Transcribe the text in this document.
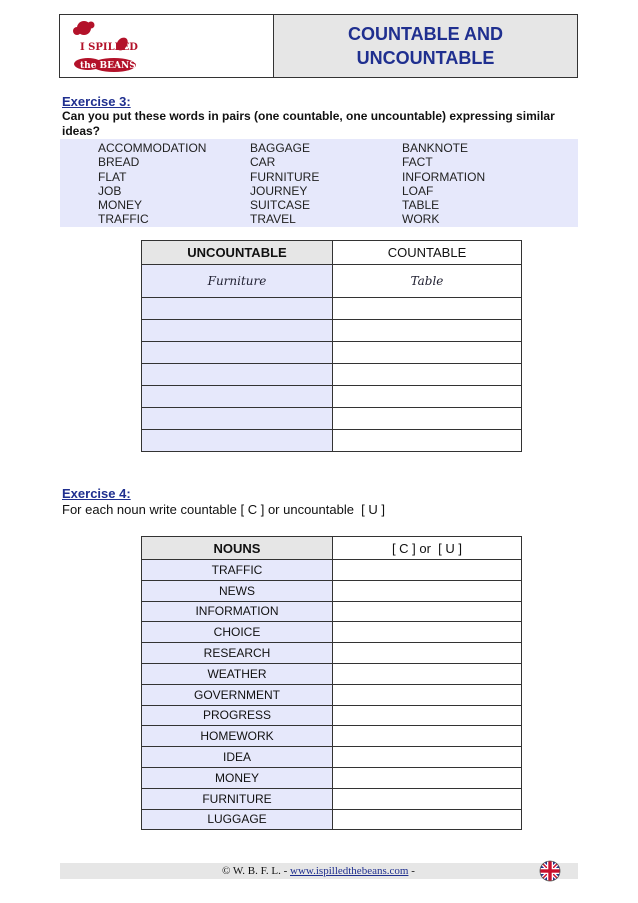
I SPILLED
the BEANS
COUNTABLE AND UNCOUNTABLE
Exercise 3:
Can you put these words in pairs (one countable, one uncountable) expressing similar ideas?
ACCOMMODATION	BAGGAGE	BANKNOTE
BREAD	CAR	FACT
FLAT	FURNITURE	INFORMATION
JOB	JOURNEY	LOAF
MONEY	SUITCASE	TABLE
TRAFFIC	TRAVEL	WORK
UNCOUNTABLE	COUNTABLE
Furniture	Table

Exercise 4:
For each noun write countable [ C ] or uncountable  [ U ]
NOUNS	[ C ] or  [ U ]
TRAFFIC	
NEWS	
INFORMATION	
CHOICE	
RESEARCH	
WEATHER	
GOVERNMENT	
PROGRESS	
HOMEWORK	
IDEA	
MONEY	
FURNITURE	
LUGGAGE	
© W. B. F. L. - www.ispilledthebeans.com -
